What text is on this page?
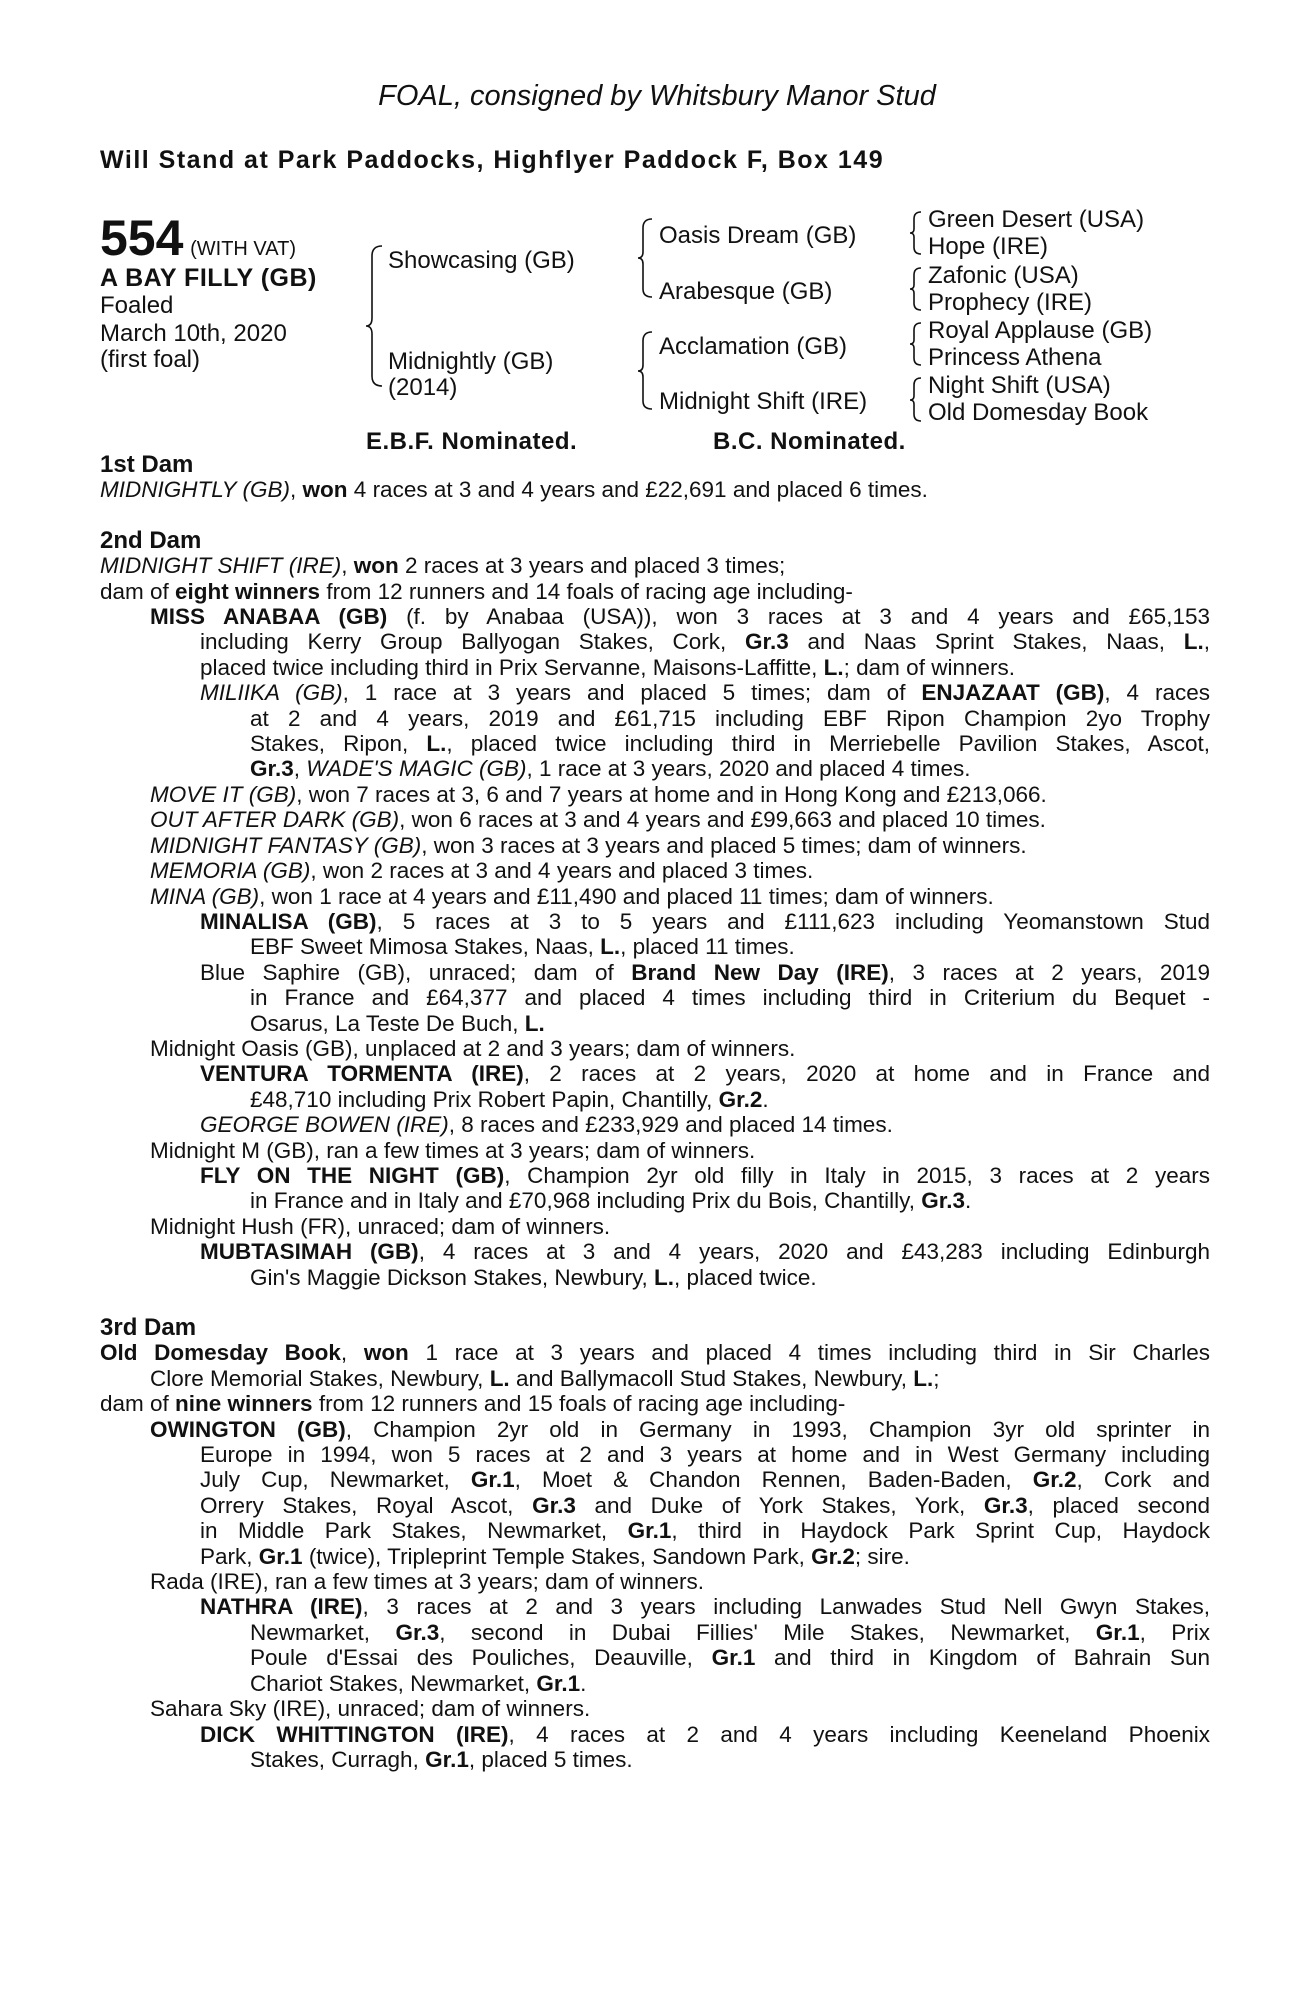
FOAL, consigned by Whitsbury Manor Stud
Will Stand at Park Paddocks, Highflyer Paddock F, Box 149
554 (WITH VAT)
A BAY FILLY (GB)
Foaled
March 10th, 2020
(first foal)
Showcasing (GB)
Midnightly (GB)
(2014)
Oasis Dream (GB)
Arabesque (GB)
Acclamation (GB)
Midnight Shift (IRE)
Green Desert (USA)
Hope (IRE)
Zafonic (USA)
Prophecy (IRE)
Royal Applause (GB)
Princess Athena
Night Shift (USA)
Old Domesday Book
E.B.F. Nominated.	B.C. Nominated.
1st Dam
MIDNIGHTLY (GB), won 4 races at 3 and 4 years and £22,691 and placed 6 times.
2nd Dam
MIDNIGHT SHIFT (IRE), won 2 races at 3 years and placed 3 times;
dam of eight winners from 12 runners and 14 foals of racing age including-
MISS ANABAA (GB) (f. by Anabaa (USA)), won 3 races at 3 and 4 years and £65,153
including Kerry Group Ballyogan Stakes, Cork, Gr.3 and Naas Sprint Stakes, Naas, L.,
placed twice including third in Prix Servanne, Maisons-Laffitte, L.; dam of winners.
MILIIKA (GB), 1 race at 3 years and placed 5 times; dam of ENJAZAAT (GB), 4 races
at 2 and 4 years, 2019 and £61,715 including EBF Ripon Champion 2yo Trophy
Stakes, Ripon, L., placed twice including third in Merriebelle Pavilion Stakes, Ascot,
Gr.3, WADE'S MAGIC (GB), 1 race at 3 years, 2020 and placed 4 times.
MOVE IT (GB), won 7 races at 3, 6 and 7 years at home and in Hong Kong and £213,066.
OUT AFTER DARK (GB), won 6 races at 3 and 4 years and £99,663 and placed 10 times.
MIDNIGHT FANTASY (GB), won 3 races at 3 years and placed 5 times; dam of winners.
MEMORIA (GB), won 2 races at 3 and 4 years and placed 3 times.
MINA (GB), won 1 race at 4 years and £11,490 and placed 11 times; dam of winners.
MINALISA (GB), 5 races at 3 to 5 years and £111,623 including Yeomanstown Stud
EBF Sweet Mimosa Stakes, Naas, L., placed 11 times.
Blue Saphire (GB), unraced; dam of Brand New Day (IRE), 3 races at 2 years, 2019
in France and £64,377 and placed 4 times including third in Criterium du Bequet -
Osarus, La Teste De Buch, L.
Midnight Oasis (GB), unplaced at 2 and 3 years; dam of winners.
VENTURA TORMENTA (IRE), 2 races at 2 years, 2020 at home and in France and
£48,710 including Prix Robert Papin, Chantilly, Gr.2.
GEORGE BOWEN (IRE), 8 races and £233,929 and placed 14 times.
Midnight M (GB), ran a few times at 3 years; dam of winners.
FLY ON THE NIGHT (GB), Champion 2yr old filly in Italy in 2015, 3 races at 2 years
in France and in Italy and £70,968 including Prix du Bois, Chantilly, Gr.3.
Midnight Hush (FR), unraced; dam of winners.
MUBTASIMAH (GB), 4 races at 3 and 4 years, 2020 and £43,283 including Edinburgh
Gin's Maggie Dickson Stakes, Newbury, L., placed twice.
3rd Dam
Old Domesday Book, won 1 race at 3 years and placed 4 times including third in Sir Charles
Clore Memorial Stakes, Newbury, L. and Ballymacoll Stud Stakes, Newbury, L.;
dam of nine winners from 12 runners and 15 foals of racing age including-
OWINGTON (GB), Champion 2yr old in Germany in 1993, Champion 3yr old sprinter in
Europe in 1994, won 5 races at 2 and 3 years at home and in West Germany including
July Cup, Newmarket, Gr.1, Moet & Chandon Rennen, Baden-Baden, Gr.2, Cork and
Orrery Stakes, Royal Ascot, Gr.3 and Duke of York Stakes, York, Gr.3, placed second
in Middle Park Stakes, Newmarket, Gr.1, third in Haydock Park Sprint Cup, Haydock
Park, Gr.1 (twice), Tripleprint Temple Stakes, Sandown Park, Gr.2; sire.
Rada (IRE), ran a few times at 3 years; dam of winners.
NATHRA (IRE), 3 races at 2 and 3 years including Lanwades Stud Nell Gwyn Stakes,
Newmarket, Gr.3, second in Dubai Fillies' Mile Stakes, Newmarket, Gr.1, Prix
Poule d'Essai des Pouliches, Deauville, Gr.1 and third in Kingdom of Bahrain Sun
Chariot Stakes, Newmarket, Gr.1.
Sahara Sky (IRE), unraced; dam of winners.
DICK WHITTINGTON (IRE), 4 races at 2 and 4 years including Keeneland Phoenix
Stakes, Curragh, Gr.1, placed 5 times.
